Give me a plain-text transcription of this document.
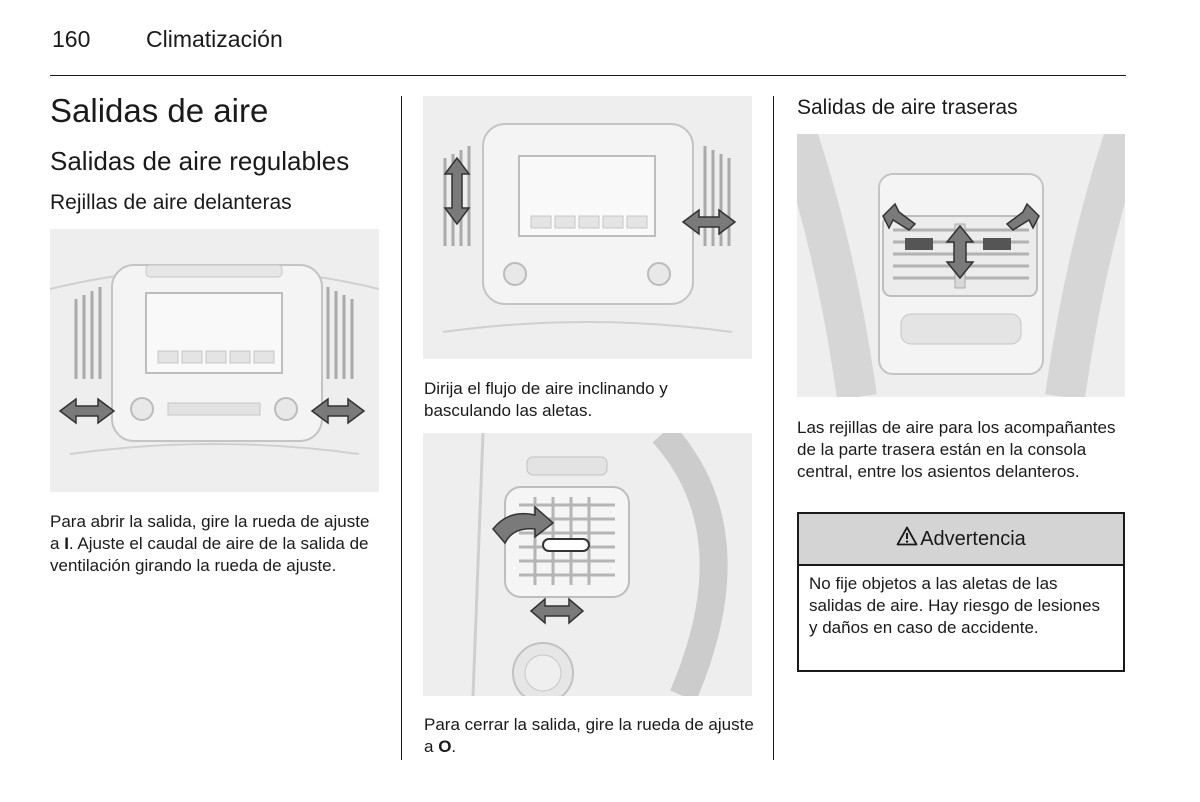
160 Climatización
Salidas de aire
Salidas de aire regulables
Rejillas de aire delanteras
Para abrir la salida, gire la rueda de ajuste a I. Ajuste el caudal de aire de la salida de ventilación girando la rueda de ajuste.
Dirija el flujo de aire inclinando y basculando las aletas.
Para cerrar la salida, gire la rueda de ajuste a O.
Salidas de aire traseras
Las rejillas de aire para los acompañantes de la parte trasera están en la consola central, entre los asientos delanteros.
Advertencia
No fije objetos a las aletas de las salidas de aire. Hay riesgo de lesiones y daños en caso de accidente.
